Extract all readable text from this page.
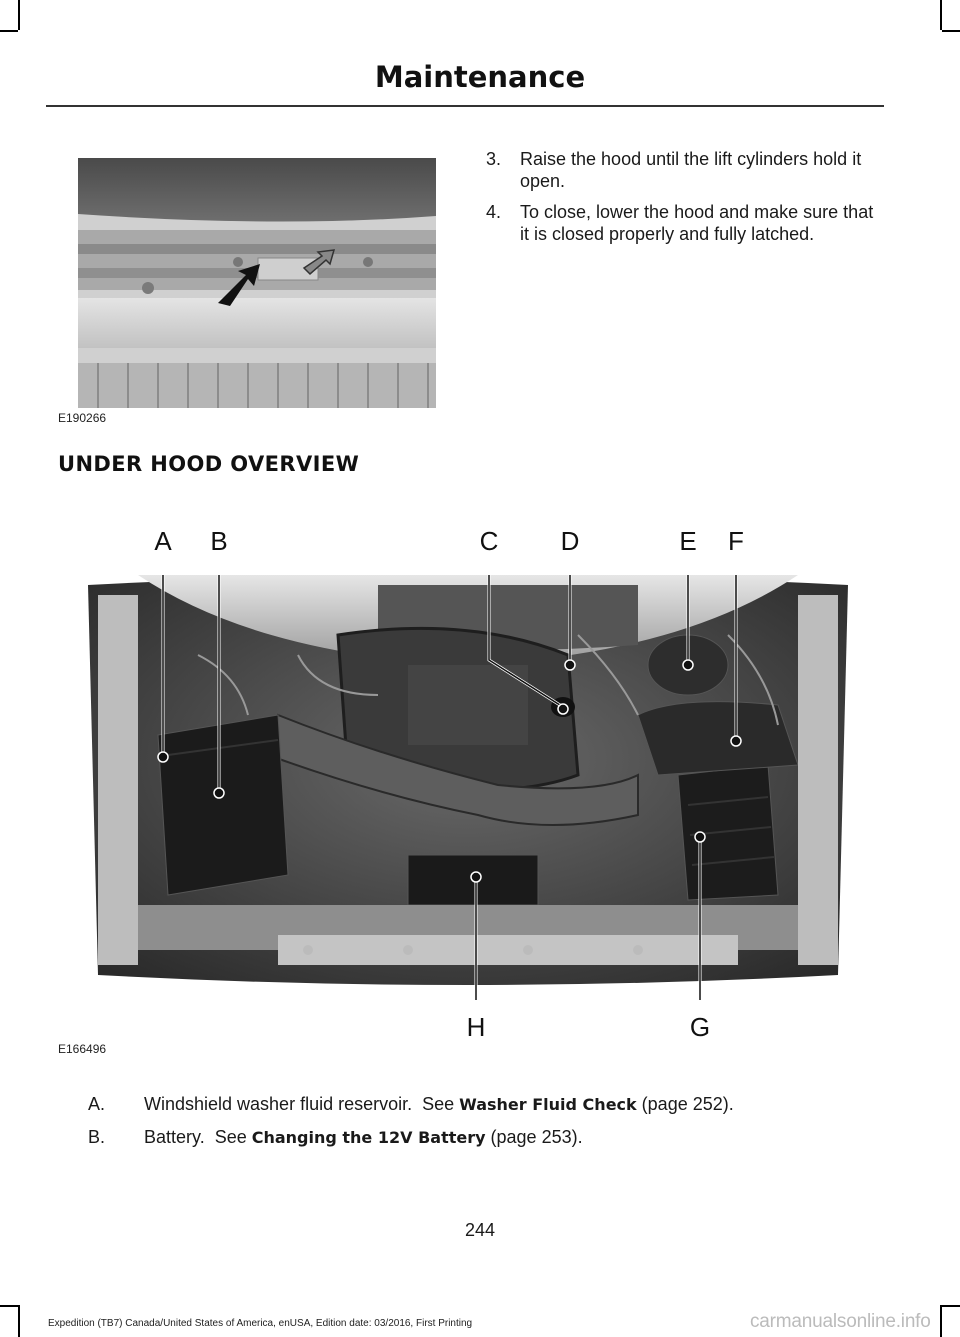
Maintenance
E190266
3.	Raise the hood until the lift cylinders hold it open.
4.	To close, lower the hood and make sure that it is closed properly and fully latched.
UNDER HOOD OVERVIEW
A B	C D	E F
H	G
E166496
A.	Windshield washer fluid reservoir.  See Washer Fluid Check (page 252).
B.	Battery.  See Changing the 12V Battery (page 253).
244
Expedition (TB7) Canada/United States of America, enUSA, Edition date: 03/2016, First Printing	carmanualsonline.info
